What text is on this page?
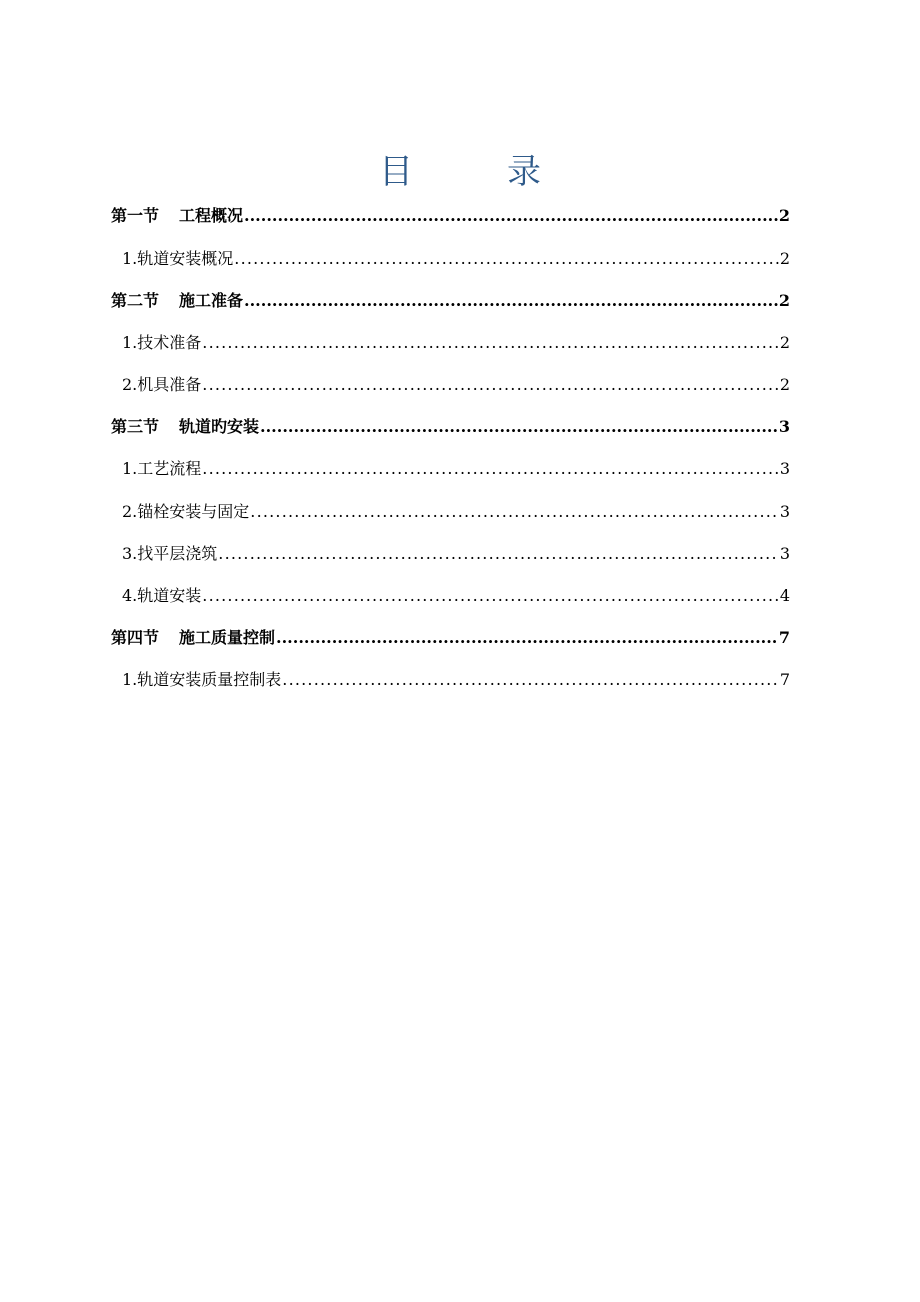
目　录
第一节 工程概况 .....	2
1.轨道安装概况 .....	2
第二节 施工准备 .....	2
1.技术准备 .....	2
2.机具准备 .....	2
第三节 轨道旳安装 .....	3
1.工艺流程 .....	3
2.锚栓安装与固定 .....	3
3.找平层浇筑 .....	3
4.轨道安装 .....	4
第四节 施工质量控制 .....	7
1.轨道安装质量控制表 .....	7
